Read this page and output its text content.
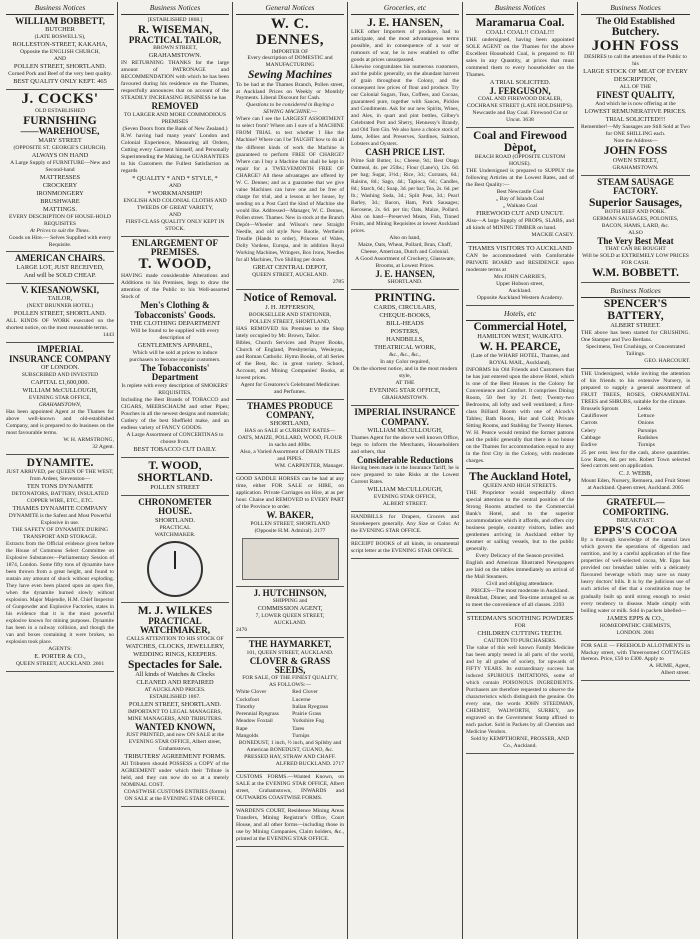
Business Notices
WILLIAM BOBBETT,
BUTCHER
(LATE BOSWELL'S),
ROLLESTON-STREET, KAKAHA,
Opposite the ENGLISH CHURCH,
AND
POLLEN STREET, SHORTLAND.
Corned Pork and Beef of the very best quality.
BEST QUALITY ONLY KEPT. 465
J. COCKS'
OLD ESTABLISHED
FURNISHING
——WAREHOUSE,
MARY STREET
(OPPOSITE ST. GEORGE'S CHURCH).
ALWAYS ON HAND
A Large Supply of FURNITURE—New and Second-hand
MATTRESSES
CROCKERY
IRONMONGERY
BRUSHWARE
MATTINGS.
EVERY DESCRIPTION OF HOUSE-HOLD REQUISITES
At Prices to suit the Times.
Goods on Hire.— Selves Supplied with every Requisite.
AMERICAN CHAIRS.
LARGE LOT, JUST RECEIVED,
And will be SOLD CHEAP.
V. KIESANOWSKI,
TAILOR,
(NEXT BRUNNER HOTEL)
POLLEN STREET, SHORTLAND.
ALL KINDS OF WORK executed on the shortest notice, on the most reasonable terms.
1443
IMPERIAL
INSURANCE COMPANY
OF LONDON.
SUBSCRIBED AND INVESTED
CAPITAL £1,600,000.
WILLIAM McCULLOUGH,
EVENING STAR OFFICE,
GRAHAMSTOWN,
Has been appointed Agent at the Thames for above well-known and old-established Company, and is prepared to do business on the most favourable terms.
W. H. ARMSTRONG,
32 Agent.
DYNAMITE.
JUST ARRIVED, per QUEEN OF THE WEST, from Ardeer, Stevenston—
TEN TONS DYNAMITE
DETONATORS, BATTERY, INSULATED COPPER WIRE, ETC., ETC.
THAMES DYNAMITE COMPANY
DYNAMITE is the Safest and Most Powerful Explosive in use.
THE SAFETY OF DYNAMITE DURING TRANSPORT AND STORAGE.
Extracts from the Official evidence given before the House of Commons Select Committee on Explosive Substances—Parliamentary Session of 1874, London. Some fifty tons of dynamite have been thrown from a great height, and found to sustain any amount of shock without exploding. They have even been placed upon an open fire, when the dynamite burned slowly without explosion. Major Majendie, H.M. Chief Inspector of Gunpowder and Explosive Factories, states in his evidence that it is the most powerful explosive known for mining purposes. Dynamite has been in a railway collision, and though the van and boxes containing it were broken, no explosion took place.
AGENTS:
E. PORTER & CO.,
QUEEN STREET, AUCKLAND. 2661
Business Notices
[ESTABLISHED 1868.]
R. WISEMAN,
PRACTICAL TAILOR,
BROWN STREET,
GRAHAMSTOWN.
IN RETURNING THANKS for the large amount of PATRONAGE and RECOMMENDATION with which he has been favoured during his residence on the Thames, respectfully announces that on account of the STEADILY INCREASING BUSINESS he has
REMOVED
TO LARGER AND MORE COMMODIOUS PREMISES
(Seven Doors from the Bank of New Zealand.)
R.W. having had many years' London and Colonial Experience, Measuring all Orders, Cutting every Garment himself, and Personally Superintending the Making, he GUARANTEES to his Customers the Fullest Satisfaction as regards
* QUALITY * AND * STYLE, *
AND
* WORKMANSHIP!
ENGLISH AND COLONIAL CLOTHS AND TWEEDS OF GREAT VARIETY,
AND
FIRST-CLASS QUALITY ONLY KEPT IN STOCK.
ENLARGEMENT OF PREMISES.
T. WOOD,
HAVING made considerable Alterations and Additions to his Premises, begs to draw the attention of the Public to his Well-assorted Stock of
Men's Clothing & Tobacconists' Goods.
THE CLOTHING DEPARTMENT
Will be found to be supplied with every description of
GENTLEMEN'S APPAREL,
Which will be sold at prices to induce purchasers to become regular customers.
The Tobacconists' Department
Is replete with every description of SMOKERS' REQUISITES,
Including the Best Brands of TOBACCO and CIGARS, MEERSCHAUM and other Pipes; Pouches in all the newest designs and materials; Cutlery of the best Sheffield make, and an endless variety of FANCY GOODS.
A Large Assortment of CONCERTINAS to choose from.
BEST TOBACCO CUT DAILY.
T. WOOD,
SHORTLAND.
POLLEN STREET
CHRONOMETER HOUSE.
SHORTLAND.
PRACTICAL
WATCHMAKER.
M. J. WILKES
PRACTICAL WATCHMAKER,
CALLS ATTENTION TO HIS STOCK OF
WATCHES, CLOCKS, JEWELLERY, WEDDING RINGS, KEEPERS.
Spectacles for Sale.
All kinds of Watches & Clocks CLEANED AND REPAIRED
AT AUCKLAND PRICES.
ESTABLISHED 1867.
POLLEN STREET, SHORTLAND.
IMPORTANT TO LEGAL MANAGERS, MINE MANAGERS, AND TRIBUTERS.
WANTED KNOWN,
JUST PRINTED, and now ON SALE at the EVENING STAR OFFICE, Albert street, Grahamstown,
TRIBUTERS' AGREEMENT FORMS.
All Tributers should POSSESS a COPY of the AGREEMENT under which their Tribute is held, and they can now do so at a merely NOMINAL COST.
COASTWISE CUSTOMS ENTRIES (forms) ON SALE at the EVENING STAR OFFICE.
General Notices
W. C. DENNES,
IMPORTER OF
Every description of DOMESTIC and MANUFACTURING
Sewing Machines
To be had at the Thames Branch, Pollen street, at Auckland Prices on Weekly or Monthly Payments. Liberal Discount for Cash.
Questions to be considered in Buying a SEWING MACHINE:—
Where can I see the LARGEST ASSORTMENT to select from? Where am I sure of a MACHINE FROM TRIAL to test whether I like the Machine? Where can I be TAUGHT how to do all the different kinds of work the Machine is guaranteed to perform FREE OF CHARGE? Where can I buy a Machine that shall be kept in repair for a TWELVEMONTH FREE OF CHARGE? All these advantages are offered by W. C. Dennes; and as a guarantee that we give value Machines can have one and be free of charge for trial, and a lesson at her house, by sending on a Post Card the kind of Machine she would like. Addressed—Manager, W. C. Dennes, Pollen street. Thames. New in stock at the Branch Depôt—Wheeler and Wilson's new Straight Needle, and old style New Rootle, Wertheim Treadle (Hands to order), Princess of Wales, Dolly Vardens, Europa, and in addition Royal Working Machines, Wringers, Box Irons, Needles for all Machines, Two Shilling per dozen.
GREAT CENTRAL DEPOT,
QUEEN STREET, AUCKLAND.
2785
Notice of Removal.
J. H. JEFFERSON,
BOOKSELLER AND STATIONER,
POLLEN STREET, SHORTLAND,
HAS REMOVED his Premises to the Shop lately occupied by Mr. Brown, Tailor.
Bibles, Church Services and Prayer Books, Church of England, Presbyterian, Wesleyan, and Roman Catholic. Hymn Books, of all Series of the Best, &c. in great variety. School, Account, and Mining Companies' Books, at lowest prices.
Agent for Greatorex's Celebrated Medicines and Perfumes.
THAMES PRODUCE COMPANY,
SHORTLAND,
HAS on SALE at CURRENT RATES—
OATS, MAIZE, POLLARD, WOOD, FLOUR in sacks and 40lbs.
Also, a Varied Assortment of DRAIN TILES and PIPES.
WM. CARPENTER, Manager.
GOOD SADDLE HORSES can be had at any time, either FOR SALE or HIRE, on application. Private Carriages on Hire, at as per hour. Chaise and REMOVED to EVERY PART of the Province to order.
W. BAKER,
POLLEN STREET, SHORTLAND
(Opposite H.M. Admiral). 2177
J. HUTCHINSON,
SHIPPING and
COMMISSION AGENT,
7, LOWER QUEEN STREET,
AUCKLAND.
2476
THE HAYMARKET,
101, QUEEN STREET, AUCKLAND.
CLOVER & GRASS SEEDS,
FOR SALE, OF THE FINEST QUALITY,
AS FOLLOWS:—
White Clover	Red Clover
Cocksfoot	Lucerne
Timothy	Italian Ryegrass
Perennial Ryegrass	Prairie Grass
Meadow Foxtail	Yorkshire Fog
Rape	Tares
Mangolds	Turnips
BONEDUST, 1 inch, ½ inch, and Spilsby and American BONEDUST, GUANO, &c.
PRESSED HAY, STRAW AND CHAFF.
ALFRED BUCKLAND. 2717
CUSTOMS FORMS.—Wanted Known, on SALE at the EVENING STAR OFFICE, Albert street, Grahamstown, INWARDS and OUTWARDS COASTWISE FORMS.
WARDEN'S COURT, Residence Mining Areas Transfers, Mining Registrar's Office, Court House, and all other forms—including those in use by Mining Companies, Claim holders, &c., printed at the EVENING STAR OFFICE.
Groceries, etc
J. E. HANSEN,
LIKE other Importers of produce, had to anticipate, and the most advantageous terms possible, and in consequence of a war or rumours of war, he is now enabled to offer goods at prices unsurpassed.
Likewise congratulates his numerous customers, and the public generally, on the abundant harvest of grain throughout the Colony, and the consequent low prices of flour and produce. Try our Colonial Sugars, Teas, Coffees, and Cocoas, guaranteed pure, together with Sauces, Pickles and Condiments. Ask for our new Spirits, Wines, and Ales, in quart and pint bottles, Gilbey's Celebrated Port and Sherry, Hennessy's Brandy, and Old Tom Gin. We also have a choice stock of Jams, Jellies and Preserves, Sardines, Salmon, Lobsters and Oysters.
CASH PRICE LIST.
Prime Salt Butter, 1s.; Cheese, 9d.; Best Otago Oatmeal, 4s. per 25lbs.; Flour (Lane's), 12s. 6d. per bag; Sugar, 3½d.; Rice, 3d.; Currants, 6d.; Raisins, 8d.; Sago, 4d.; Tapioca, 6d.; Candles, 8d.; Starch, 6d.; Soap, 3d. per bar; Tea, 2s. 6d. per lb.; Washing Soda, 3d.; Split Peas, 3d.; Pearl Barley, 3d.; Bacon, Ham, Pork Sausages; Kerosene, 2s. 6d. per tin; Oats, Maize, Pollard. Also on hand—Preserved Meats, Fish, Tinned Fruits, and Mining Requisites at lowest Auckland prices.
Also on hand,
Maize, Oats, Wheat, Pollard, Bran, Chaff, Cheese, American, Dutch and Colonial.
A Good Assortment of Crockery, Glassware, Brooms, at Lowest Prices.
J. E. HANSEN,
SHORTLAND.
PRINTING.
CARDS, CIRCULARS,
CHEQUE-BOOKS,
BILL-HEADS
POSTERS,
HANDBILLS,
THEATRICAL WORK,
&c., &c., &c.,
In any Color required,
On the shortest notice, and in the most modern style,
AT THE
EVENING STAR OFFICE,
GRAHAMSTOWN.
IMPERIAL INSURANCE
COMPANY.
WILLIAM McCULLOUGH,
Thames Agent for the above well known Office, begs to inform the Merchants, Householders and others, that
Considerable Reductions
Having been made in the Insurance Tariff, he is now prepared to take Risks at the Lowest Current Rates.
WILLIAM McCULLOUGH,
EVENING STAR OFFICE,
ALBERT STREET.
HANDBILLS for Drapers, Grocers and Storekeepers generally. Any Size or Color. At the EVENING STAR OFFICE.
RECEIPT BOOKS of all kinds, in ornamental script letter at the EVENING STAR OFFICE.
Business Notices
Maramarua Coal.
COAL! COAL!! COAL!!!
THE undersigned, having been appointed SOLE AGENT on the Thames for the above Excellent Household Coal, is prepared to fill sales in any Quantity, at prices that must commend them to every householder on the Thames.
A TRIAL SOLICITED.
J. FERGUSON,
COAL AND FIREWOOD DEALER,
COCHRANE STREET (LATE HOLDSHIP'S).
Newcastle and Bay Coal. Firewood Cut or Uncut. 3638
Coal and Firewood
Dèpot,
BEACH ROAD (OPPOSITE CUSTOM HOUSE).
THE Undersigned is prepared to SUPPLY the following Articles at the Lowest Rates, and of the Best Quality:—
Best Newcastle Coal
„ Bay of Islands Coal
„ Waikato Coal
FIREWOOD CUT AND UNCUT.
Also—A large Supply of PROPS, SLABS, and all kinds of MINING TIMBER on hand.
MACKIE CASEY.
THAMES VISITORS TO AUCKLAND
CAN be accommodated with Comfortable PRIVATE BOARD and RESIDENCE upon moderate terms at
Mrs JOHN CARRIE'S,
Upper Hobson street,
Auckland.
Opposite Auckland Western Academy.
Hotels, etc
Commercial Hotel,
HAMILTON WEST, WAIKATO.
W. H. PEARCE,
(Late of the WHARF HOTEL, Thames, and ROYAL MAIL, Auckland),
INFORMS his Old Friends and Customers that he has just entered upon the above Hotel, which is one of the Best Houses in the Colony for Convenience and Comfort. It comprises Dining Room, 50 feet by 21 feet; Twenty-two Bedrooms, all lofty and well ventilated; a first-class Billiard Room with one of Alcock's Tables; Bath Room, Hot and Cold; Private Sitting Rooms, and Stabling for Twenty Horses.
W. H. Pearce would remind the former patrons and the public generally that there is no house on the Thames for accommodation equal to any in the first City in the Colony, with moderate charges.
The Auckland Hotel,
QUEEN AND HIGH STREETS.
THE Proprietor would respectfully direct special attention to the central position of the Strong Rooms attached to the Commercial Bank's Hotel, and to the superior accommodation which it affords, and offers city business people, country visitors, ladies and gentlemen arriving in Auckland either by steamer or sailing vessels, but to the public generally.
Every Delicacy of the Season provided.
English and American Illustrated Newspapers are laid on the tables immediately on arrival of the Mail Steamers.
Civil and obliging attendance.
PRICES—The most moderate in Auckland.
Breakfast, Dinner, and Tea-time arranged so as to meet the convenience of all classes. 2393
STEEDMAN'S SOOTHING POWDERS
FOR
CHILDREN CUTTING TEETH.
CAUTION TO PURCHASERS.
The value of this well known Family Medicine has been amply tested in all parts of the world, and by all grades of society, for upwards of FIFTY YEARS. Its extraordinary success has induced SPURIOUS IMITATIONS, some of which contain POISONOUS INGREDIENTS. Purchasers are therefore requested to observe the characteristics which distinguish the genuine. On every one, the words JOHN STEEDMAN, CHEMIST, WALWORTH, SURREY, are engraved on the Government Stamp affixed to each packet. Sold in Packets by all Chemists and Medicine Vendors.
Sold by KEMPTHORNE, PROSSER, AND Co., Auckland.
Business Notices
The Old Established
Butchery.
JOHN FOSS
DESIRES to call the attention of the Public to his
LARGE STOCK OF MEAT OF EVERY DESCRIPTION,
ALL OF THE
FINEST QUALITY,
And which he is now offering at the
LOWEST REMUNERATIVE PRICES.
TRIAL SOLICITED!!!
Remember!—My Sausages are Still Sold at Two for ONE SHILLING each.
Note the Address—
JOHN FOSS
OWEN STREET,
GRAHAMSTOWN.
STEAM SAUSAGE FACTORY.
Superior Sausages,
BOTH BEEF AND PORK.
GERMAN SAUSAGES, POLONIES,
BACON, HAMS, LARD, &c.
ALSO
The Very Best Meat
THAT CAN BE BOUGHT
Will be SOLD at EXTREMELY LOW PRICES FOR CASH.
W.M. BOBBETT.
Business Notices
SPENCER'S BATTERY,
ALBERT STREET.
THE above has been started for CRUSHING. One Stamper and Two Berdans.
Specimens, Test Crushings, or Concentrated Tailings.
GEO. HARCOURT.
THE Undersigned, while inviting the attention of his friends to his extensive Nursery, is prepared to supply a general assortment of FRUIT TREES, ROSES, ORNAMENTAL TREES and SHRUBS, suitable for the climate.
Brussels Sprouts	Leeks
Cauliflower	Lettuce
Carrots	Onions
Celery	Parsnips
Cabbage	Radishes
Endive	Turnips
25 per cent. less for the cash, above quantities. Low Rates, 6d. per ten. Robert Town selected Seed carrots sent on application.
C. J. WEBB,
Mount Eden, Nursery, Remuera, and Fruit Street at Auckland. Queen street, Auckland. 2005
GRATEFUL—COMFORTING.
BREAKFAST.
EPPS'S COCOA
By a thorough knowledge of the natural laws which govern the operations of digestion and nutrition, and by a careful application of the fine properties of well-selected cocoa, Mr. Epps has provided our breakfast tables with a delicately flavoured beverage which may save us many heavy doctors' bills. It is by the judicious use of such articles of diet that a constitution may be gradually built up until strong enough to resist every tendency to disease. Made simply with boiling water or milk. Sold in packets labelled—
JAMES EPPS & CO.,
HOMŒOPATHIC CHEMISTS,
LONDON. 2081
FOR SALE — FREEHOLD ALLOTMENTS in Mackay street, with Threeroomed COTTAGES thereon. Price, £50 to £300. Apply to
A. HUME, Agent,
Albert street.
